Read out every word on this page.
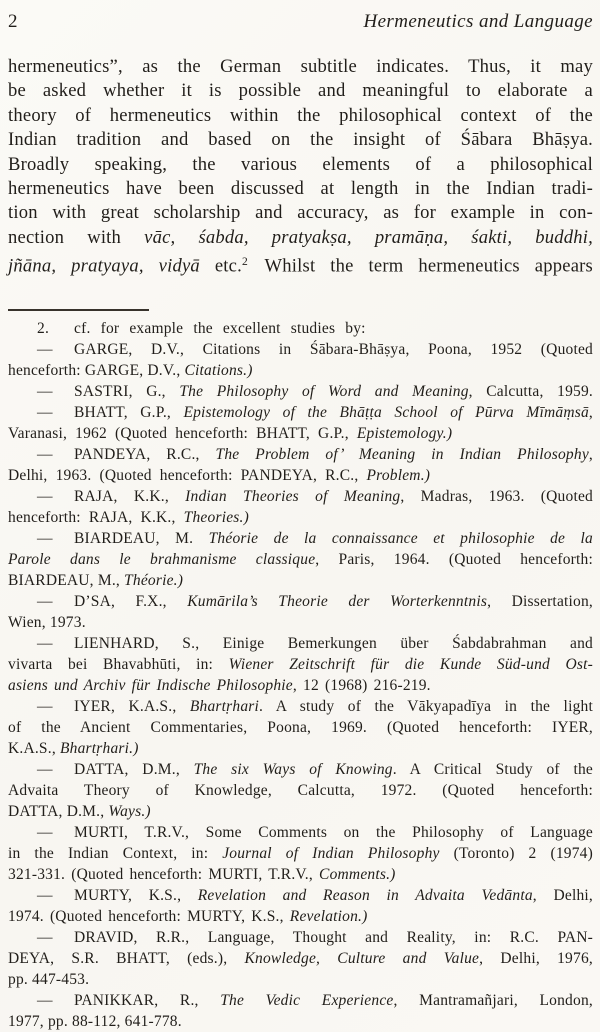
2	Hermeneutics and Language
hermeneutics”, as the German subtitle indicates. Thus, it may
be asked whether it is possible and meaningful to elaborate a
theory of hermeneutics within the philosophical context of the
Indian tradition and based on the insight of Śābara Bhāṣya.
Broadly speaking, the various elements of a philosophical
hermeneutics have been discussed at length in the Indian tradi-
tion with great scholarship and accuracy, as for example in con-
nection with vāc, śabda, pratyakṣa, pramāṇa, śakti, buddhi,
jñāna, pratyaya, vidyā etc.$^2$ Whilst the term hermeneutics appears
2. cf. for example the excellent studies by:
— GARGE, D.V., Citations in Śābara-Bhāṣya, Poona, 1952 (Quoted
henceforth: GARGE, D.V., Citations.)
— SASTRI, G., The Philosophy of Word and Meaning, Calcutta, 1959.
— BHATT, G.P., Epistemology of the Bhāṭṭa School of Pūrva Mīmāṃsā,
Varanasi, 1962 (Quoted henceforth: BHATT, G.P., Epistemology.)
— PANDEYA, R.C., The Problem of’ Meaning in Indian Philosophy,
Delhi, 1963. (Quoted henceforth: PANDEYA, R.C., Problem.)
— RAJA, K.K., Indian Theories of Meaning, Madras, 1963. (Quoted
henceforth: RAJA, K.K., Theories.)
— BIARDEAU, M. Théorie de la connaissance et philosophie de la
Parole dans le brahmanisme classique, Paris, 1964. (Quoted henceforth:
BIARDEAU, M., Théorie.)
— D’SA, F.X., Kumārila’s Theorie der Worterkenntnis, Dissertation,
Wien, 1973.
— LIENHARD, S., Einige Bemerkungen über Śabdabrahman and
vivarta bei Bhavabhūti, in: Wiener Zeitschrift für die Kunde Süd-und Ost-
asiens und Archiv für Indische Philosophie, 12 (1968) 216-219.
— IYER, K.A.S., Bhartṛhari. A study of the Vākyapadīya in the light
of the Ancient Commentaries, Poona, 1969. (Quoted henceforth: IYER,
K.A.S., Bhartṛhari.)
— DATTA, D.M., The six Ways of Knowing. A Critical Study of the
Advaita Theory of Knowledge, Calcutta, 1972. (Quoted henceforth:
DATTA, D.M., Ways.)
— MURTI, T.R.V., Some Comments on the Philosophy of Language
in the Indian Context, in: Journal of Indian Philosophy (Toronto) 2 (1974)
321-331. (Quoted henceforth: MURTI, T.R.V., Comments.)
— MURTY, K.S., Revelation and Reason in Advaita Vedānta, Delhi,
1974. (Quoted henceforth: MURTY, K.S., Revelation.)
— DRAVID, R.R., Language, Thought and Reality, in: R.C. PAN-
DEYA, S.R. BHATT, (eds.), Knowledge, Culture and Value, Delhi, 1976,
pp. 447-453.
— PANIKKAR, R., The Vedic Experience, Mantramañjari, London,
1977, pp. 88-112, 641-778.
